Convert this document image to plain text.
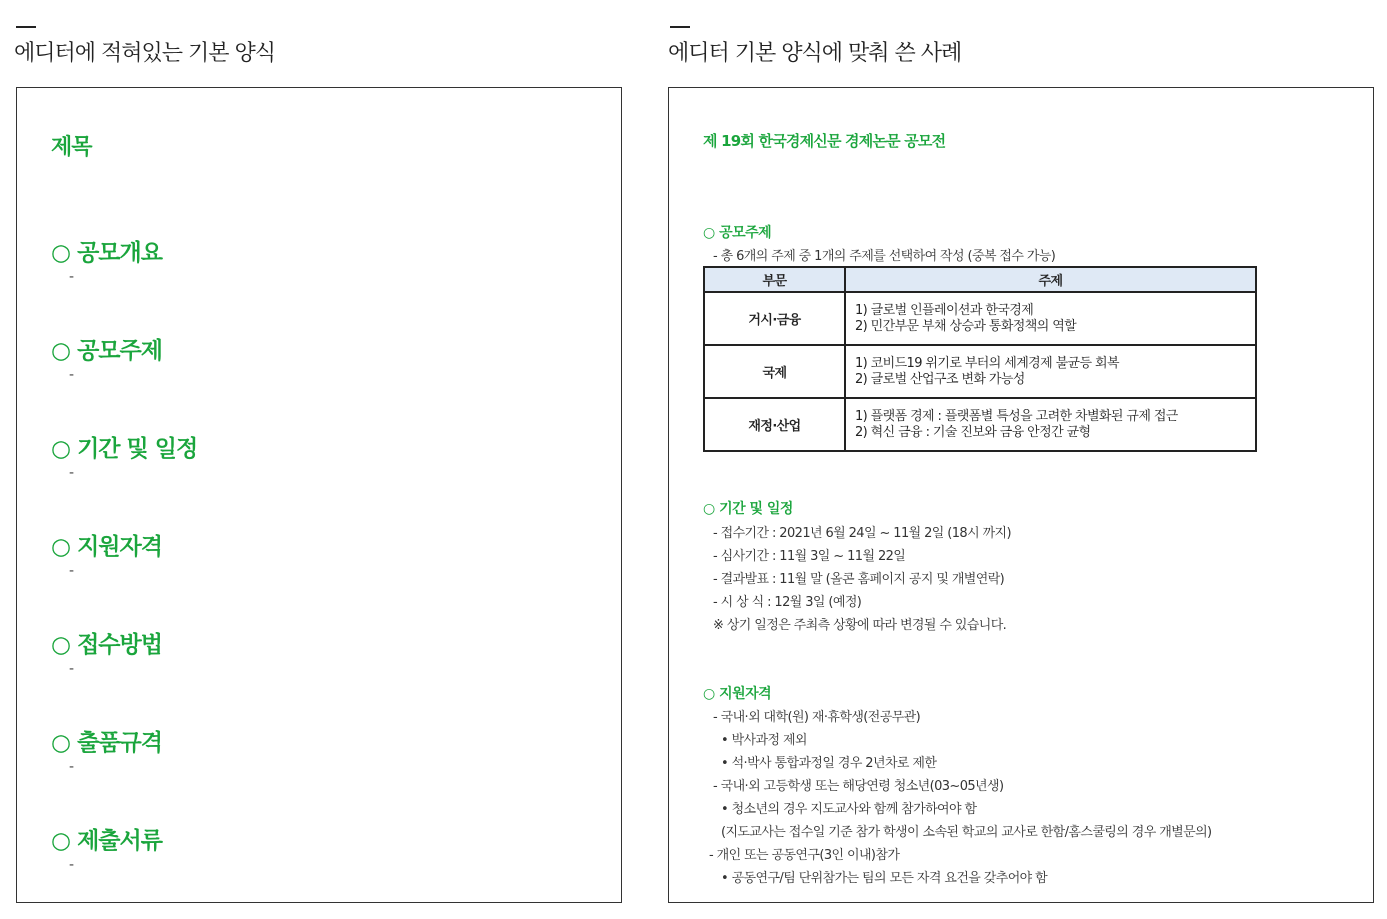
에디터에 적혀있는 기본 양식	에디터 기본 양식에 맞춰 쓴 사례
제목
○ 공모개요
-
○ 공모주제
-
○ 기간 및 일정
-
○ 지원자격
-
○ 접수방법
-
○ 출품규격
-
○ 제출서류
-
제 19회 한국경제신문 경제논문 공모전
○ 공모주제
- 총 6개의 주제 중 1개의 주제를 선택하여 작성 (중복 접수 가능)
부문	주제
거시·금융	1) 글로벌 인플레이션과 한국경제
2) 민간부문 부채 상승과 통화정책의 역할

국제	1) 코비드19 위기로 부터의 세계경제 불균등 회복
2) 글로벌 산업구조 변화 가능성

재정·산업	1) 플랫폼 경제 : 플랫폼별 특성을 고려한 차별화된 규제 접근
2) 혁신 금융 : 기술 진보와 금융 안정간 균형
○ 기간 및 일정
- 접수기간 : 2021년 6월 24일 ~ 11월 2일 (18시 까지)
- 심사기간 : 11월 3일 ~ 11월 22일
- 결과발표 : 11월 말 (올콘 홈페이지 공지 및 개별연락)
- 시 상 식 : 12월 3일 (예정)
※ 상기 일정은 주최측 상황에 따라 변경될 수 있습니다.
○ 지원자격
- 국내·외 대학(원) 재·휴학생(전공무관)
• 박사과정 제외
• 석·박사 통합과정일 경우 2년차로 제한
- 국내·외 고등학생 또는 해당연령 청소년(03~05년생)
• 청소년의 경우 지도교사와 함께 참가하여야 함
(지도교사는 접수일 기준 참가 학생이 소속된 학교의 교사로 한함/홈스쿨링의 경우 개별문의)
- 개인 또는 공동연구(3인 이내)참가
• 공동연구/팀 단위참가는 팀의 모든 자격 요건을 갖추어야 함
